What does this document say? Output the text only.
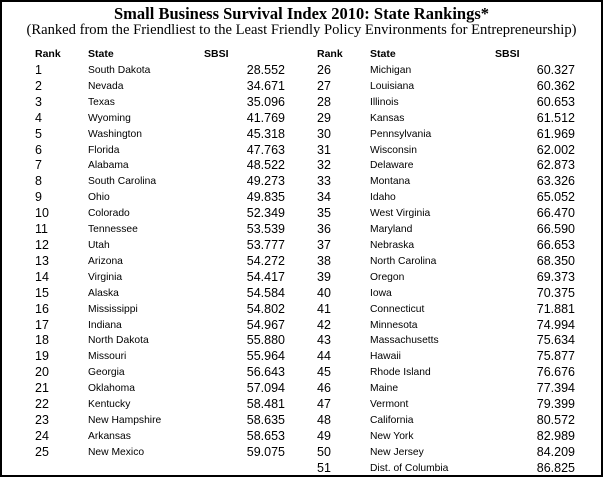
Small Business Survival Index 2010: State Rankings*
(Ranked from the Friendliest to the Least Friendly Policy Environments for Entrepreneurship)
Rank	State	SBSI
1	South Dakota	28.552
2	Nevada	34.671
3	Texas	35.096
4	Wyoming	41.769
5	Washington	45.318
6	Florida	47.763
7	Alabama	48.522
8	South Carolina	49.273
9	Ohio	49.835
10	Colorado	52.349
11	Tennessee	53.539
12	Utah	53.777
13	Arizona	54.272
14	Virginia	54.417
15	Alaska	54.584
16	Mississippi	54.802
17	Indiana	54.967
18	North Dakota	55.880
19	Missouri	55.964
20	Georgia	56.643
21	Oklahoma	57.094
22	Kentucky	58.481
23	New Hampshire	58.635
24	Arkansas	58.653
25	New Mexico	59.075
Rank	State	SBSI
26	Michigan	60.327
27	Louisiana	60.362
28	Illinois	60.653
29	Kansas	61.512
30	Pennsylvania	61.969
31	Wisconsin	62.002
32	Delaware	62.873
33	Montana	63.326
34	Idaho	65.052
35	West Virginia	66.470
36	Maryland	66.590
37	Nebraska	66.653
38	North Carolina	68.350
39	Oregon	69.373
40	Iowa	70.375
41	Connecticut	71.881
42	Minnesota	74.994
43	Massachusetts	75.634
44	Hawaii	75.877
45	Rhode Island	76.676
46	Maine	77.394
47	Vermont	79.399
48	California	80.572
49	New York	82.989
50	New Jersey	84.209
51	Dist. of Columbia	86.825
